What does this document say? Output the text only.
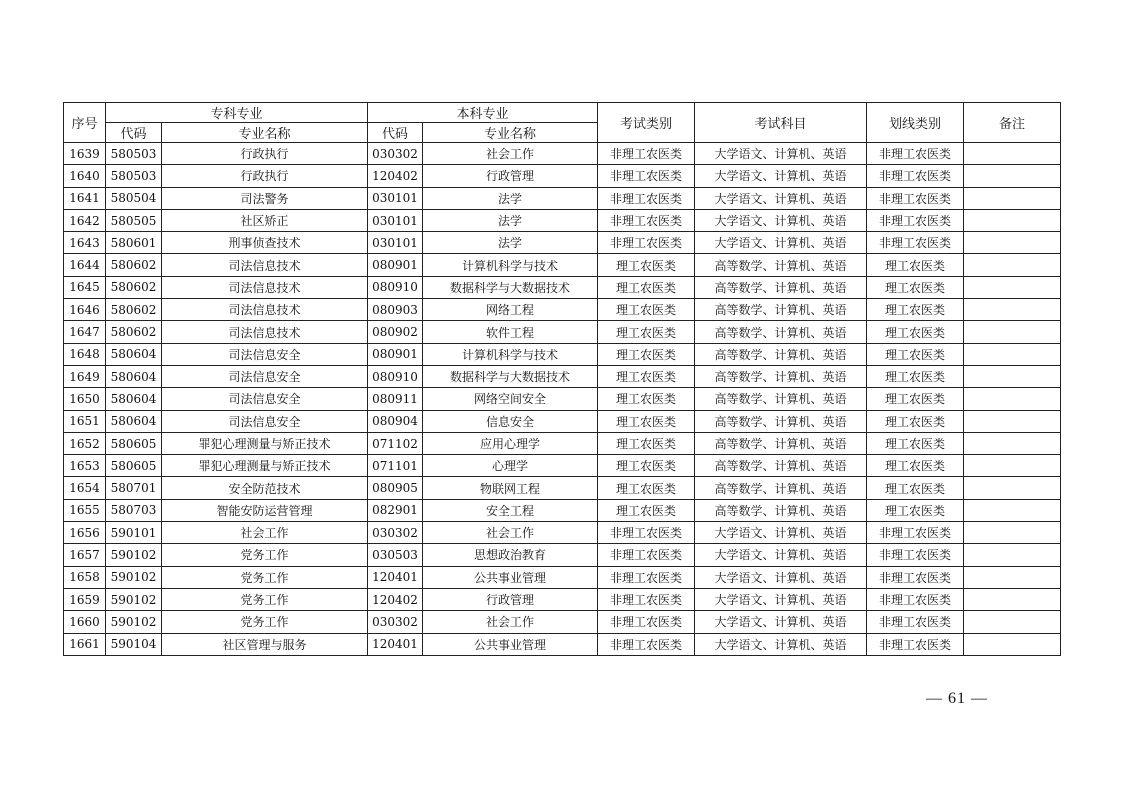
序号	专科专业		本科专业		考试类别	考试科目	划线类别	备注
	代码	专业名称	代码	专业名称				
1639	580503	行政执行	030302	社会工作	非理工农医类	大学语文、计算机、英语	非理工农医类	
1640	580503	行政执行	120402	行政管理	非理工农医类	大学语文、计算机、英语	非理工农医类	
1641	580504	司法警务	030101	法学	非理工农医类	大学语文、计算机、英语	非理工农医类	
1642	580505	社区矫正	030101	法学	非理工农医类	大学语文、计算机、英语	非理工农医类	
1643	580601	刑事侦查技术	030101	法学	非理工农医类	大学语文、计算机、英语	非理工农医类	
1644	580602	司法信息技术	080901	计算机科学与技术	理工农医类	高等数学、计算机、英语	理工农医类	
1645	580602	司法信息技术	080910	数据科学与大数据技术	理工农医类	高等数学、计算机、英语	理工农医类	
1646	580602	司法信息技术	080903	网络工程	理工农医类	高等数学、计算机、英语	理工农医类	
1647	580602	司法信息技术	080902	软件工程	理工农医类	高等数学、计算机、英语	理工农医类	
1648	580604	司法信息安全	080901	计算机科学与技术	理工农医类	高等数学、计算机、英语	理工农医类	
1649	580604	司法信息安全	080910	数据科学与大数据技术	理工农医类	高等数学、计算机、英语	理工农医类	
1650	580604	司法信息安全	080911	网络空间安全	理工农医类	高等数学、计算机、英语	理工农医类	
1651	580604	司法信息安全	080904	信息安全	理工农医类	高等数学、计算机、英语	理工农医类	
1652	580605	罪犯心理测量与矫正技术	071102	应用心理学	理工农医类	高等数学、计算机、英语	理工农医类	
1653	580605	罪犯心理测量与矫正技术	071101	心理学	理工农医类	高等数学、计算机、英语	理工农医类	
1654	580701	安全防范技术	080905	物联网工程	理工农医类	高等数学、计算机、英语	理工农医类	
1655	580703	智能安防运营管理	082901	安全工程	理工农医类	高等数学、计算机、英语	理工农医类	
1656	590101	社会工作	030302	社会工作	非理工农医类	大学语文、计算机、英语	非理工农医类	
1657	590102	党务工作	030503	思想政治教育	非理工农医类	大学语文、计算机、英语	非理工农医类	
1658	590102	党务工作	120401	公共事业管理	非理工农医类	大学语文、计算机、英语	非理工农医类	
1659	590102	党务工作	120402	行政管理	非理工农医类	大学语文、计算机、英语	非理工农医类	
1660	590102	党务工作	030302	社会工作	非理工农医类	大学语文、计算机、英语	非理工农医类	
1661	590104	社区管理与服务	120401	公共事业管理	非理工农医类	大学语文、计算机、英语	非理工农医类	
— 61 —
